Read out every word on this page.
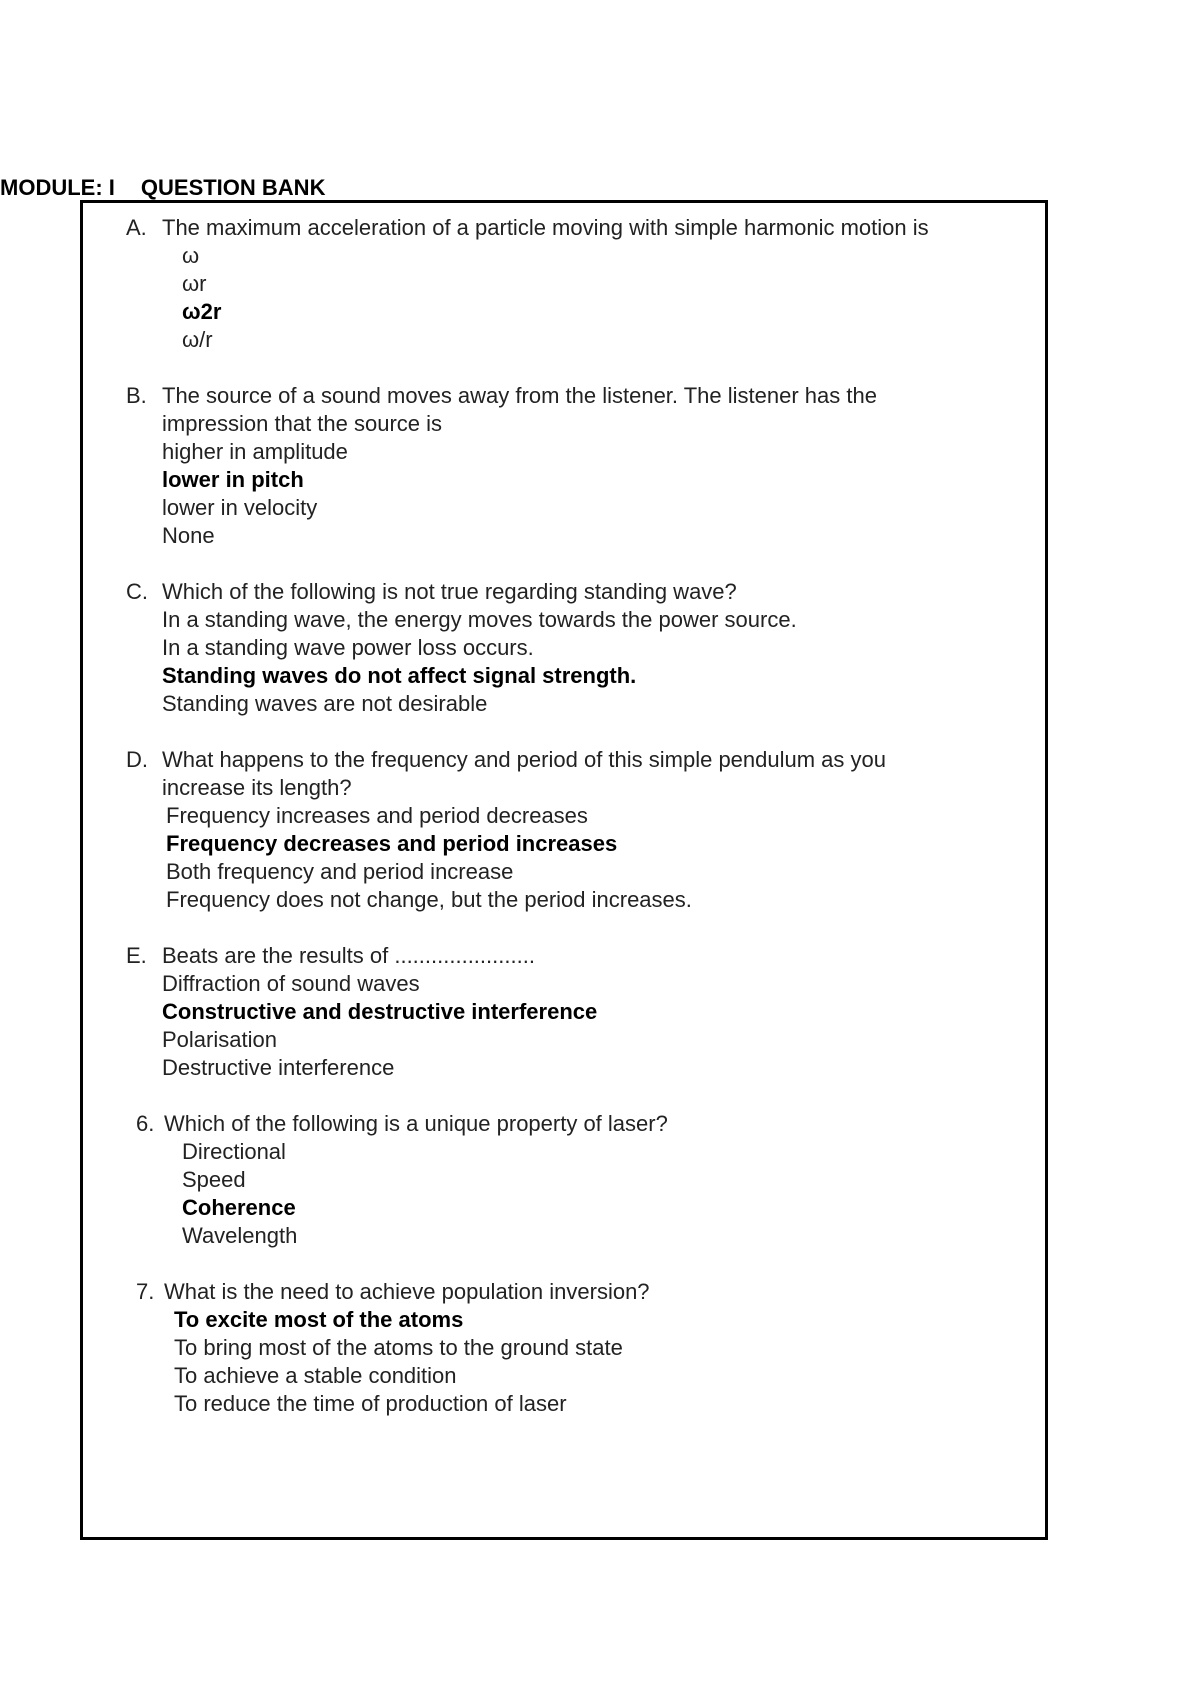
MODULE: I QUESTION BANK
A. The maximum acceleration of a particle moving with simple harmonic motion is
ω
ωr
ω2r
ω/r
B. The source of a sound moves away from the listener. The listener has the
impression that the source is
higher in amplitude
lower in pitch
lower in velocity
None
C. Which of the following is not true regarding standing wave?
In a standing wave, the energy moves towards the power source.
In a standing wave power loss occurs.
Standing waves do not affect signal strength.
Standing waves are not desirable
D. What happens to the frequency and period of this simple pendulum as you
increase its length?
Frequency increases and period decreases
Frequency decreases and period increases
Both frequency and period increase
Frequency does not change, but the period increases.
E. Beats are the results of .......................
Diffraction of sound waves
Constructive and destructive interference
Polarisation
Destructive interference
6. Which of the following is a unique property of laser?
Directional
Speed
Coherence
Wavelength
7. What is the need to achieve population inversion?
To excite most of the atoms
To bring most of the atoms to the ground state
To achieve a stable condition
To reduce the time of production of laser
